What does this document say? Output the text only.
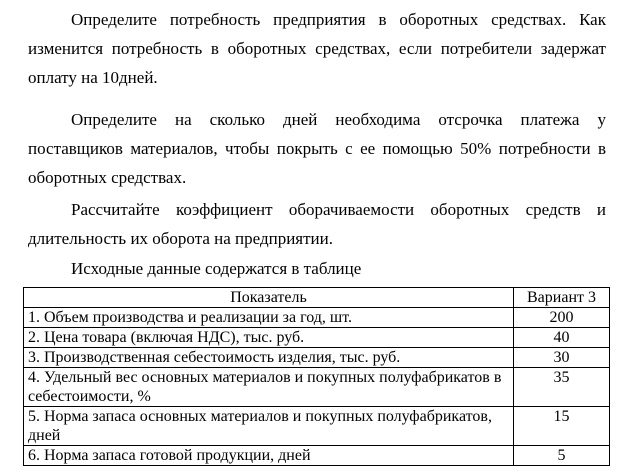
Определите потребность предприятия в оборотных средствах. Как изменится потребность в оборотных средствах, если потребители задержат оплату на 10дней.

Определите на сколько дней необходима отсрочка платежа у поставщиков материалов, чтобы покрыть с ее помощью 50% потребности в оборотных средствах.

Рассчитайте коэффициент оборачиваемости оборотных средств и длительность их оборота на предприятии.

Исходные данные содержатся в таблице

Показатель	Вариант 3
1. Объем производства и реализации за год, шт.	200
2. Цена товара (включая НДС), тыс. руб.	40
3. Производственная себестоимость изделия, тыс. руб.	30
4. Удельный вес основных материалов и покупных полуфабрикатов в себестоимости, %	35
5. Норма запаса основных материалов и покупных полуфабрикатов, дней	15
6. Норма запаса готовой продукции, дней	5
